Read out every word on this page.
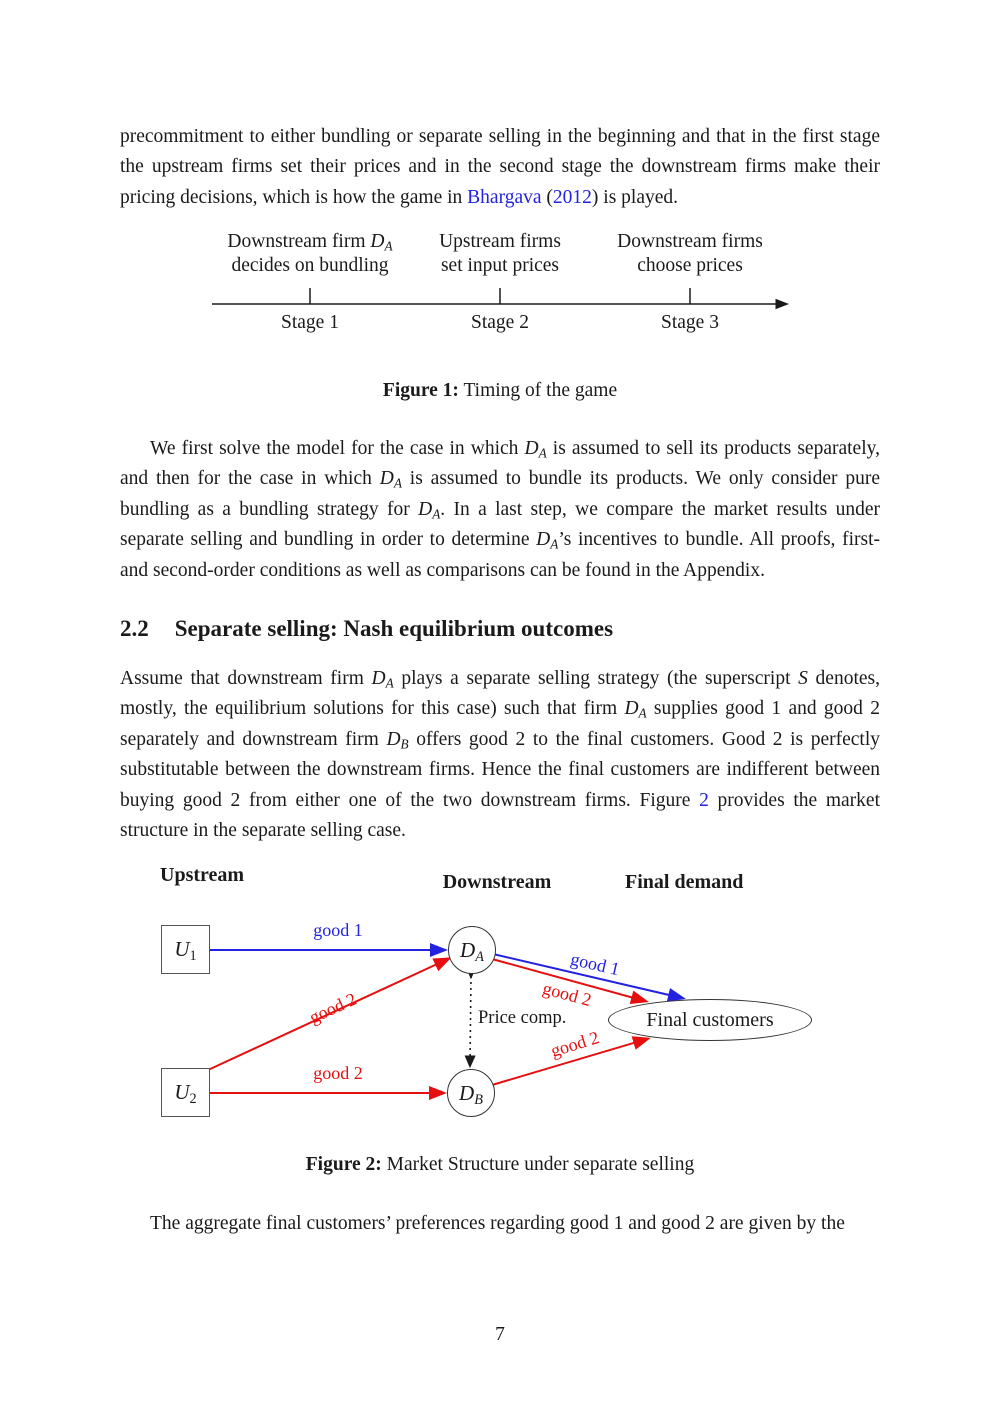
precommitment to either bundling or separate selling in the beginning and that in the first stage the upstream firms set their prices and in the second stage the downstream firms make their pricing decisions, which is how the game in Bhargava (2012) is played.

Downstream firm DA
decides on bundling
Upstream firms
set input prices
Downstream firms
choose prices
Stage 1	Stage 2	Stage 3

Figure 1: Timing of the game

We first solve the model for the case in which DA is assumed to sell its products separately, and then for the case in which DA is assumed to bundle its products. We only consider pure bundling as a bundling strategy for DA. In a last step, we compare the market results under separate selling and bundling in order to determine DA’s incentives to bundle. All proofs, first- and second-order conditions as well as comparisons can be found in the Appendix.

2.2 Separate selling: Nash equilibrium outcomes

Assume that downstream firm DA plays a separate selling strategy (the superscript S denotes, mostly, the equilibrium solutions for this case) such that firm DA supplies good 1 and good 2 separately and downstream firm DB offers good 2 to the final customers. Good 2 is perfectly substitutable between the downstream firms. Hence the final customers are indifferent between buying good 2 from either one of the two downstream firms. Figure 2 provides the market structure in the separate selling case.

Upstream	Downstream	Final demand
U1
U2
DA
DB
Final customers
good 1
good 2
good 2
Price comp.
good 1
good 2
good 2

Figure 2: Market Structure under separate selling

The aggregate final customers’ preferences regarding good 1 and good 2 are given by the

7
